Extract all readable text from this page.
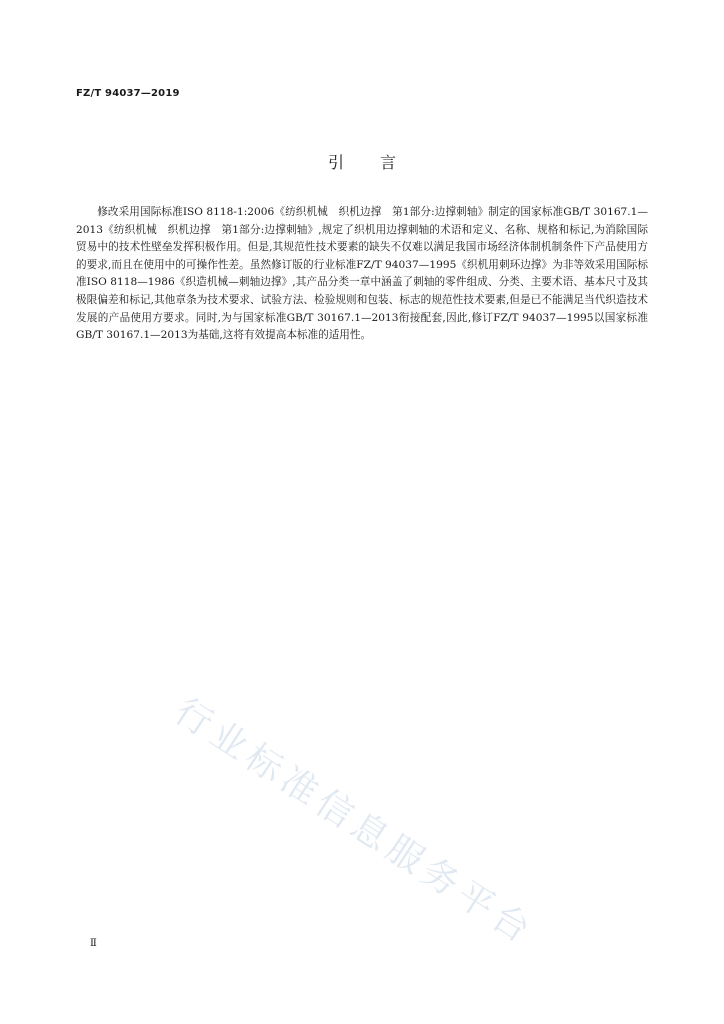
FZ/T 94037—2019
引言

修改采用国际标准ISO 8118-1:2006《纺织机械　织机边撑　第1部分:边撑刺轴》制定的国家标准GB/T 30167.1—2013《纺织机械　织机边撑　第1部分:边撑刺轴》,规定了织机用边撑刺轴的术语和定义、名称、规格和标记,为消除国际贸易中的技术性壁垒发挥积极作用。但是,其规范性技术要素的缺失不仅难以满足我国市场经济体制机制条件下产品使用方的要求,而且在使用中的可操作性差。虽然修订版的行业标准FZ/T 94037—1995《织机用刺环边撑》为非等效采用国际标准ISO 8118—1986《织造机械—刺轴边撑》,其产品分类一章中涵盖了刺轴的零件组成、分类、主要术语、基本尺寸及其极限偏差和标记,其他章条为技术要求、试验方法、检验规则和包装、标志的规范性技术要素,但是已不能满足当代织造技术发展的产品使用方要求。同时,为与国家标准GB/T 30167.1—2013衔接配套,因此,修订FZ/T 94037—1995以国家标准GB/T 30167.1—2013为基础,这将有效提高本标准的适用性。

行业标准信息服务平台
Ⅱ
